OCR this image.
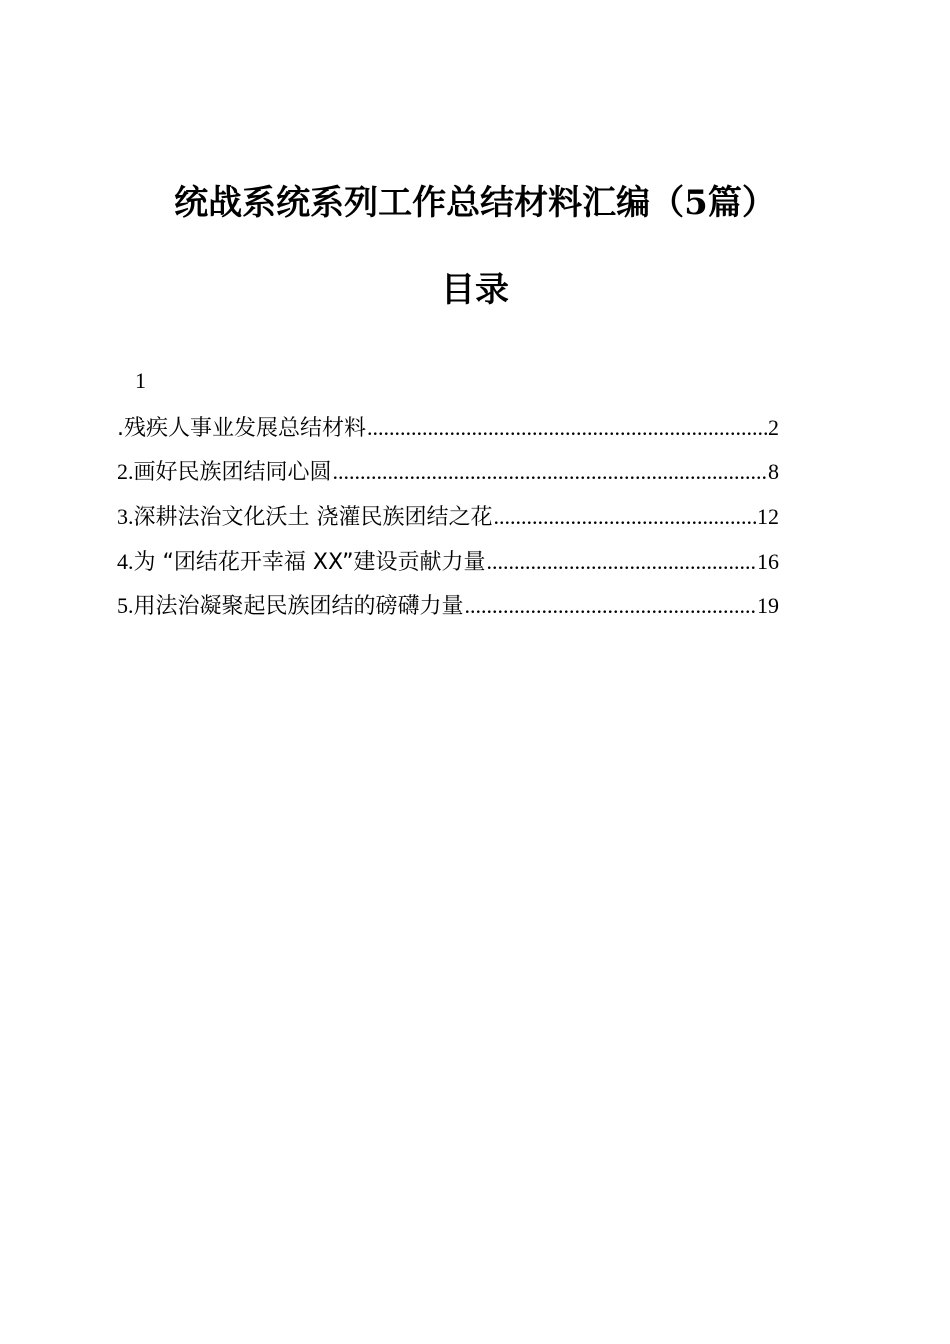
统战系统系列工作总结材料汇编（5篇）
目录
1
.残疾人事业发展总结材料 .....	2
2.画好民族团结同心圆 .....	8
3.深耕法治文化沃土 浇灌民族团结之花 .....	12
4.为 “团结花开幸福 XX”建设贡献力量 .....	16
5.用法治凝聚起民族团结的磅礴力量 .....	19
